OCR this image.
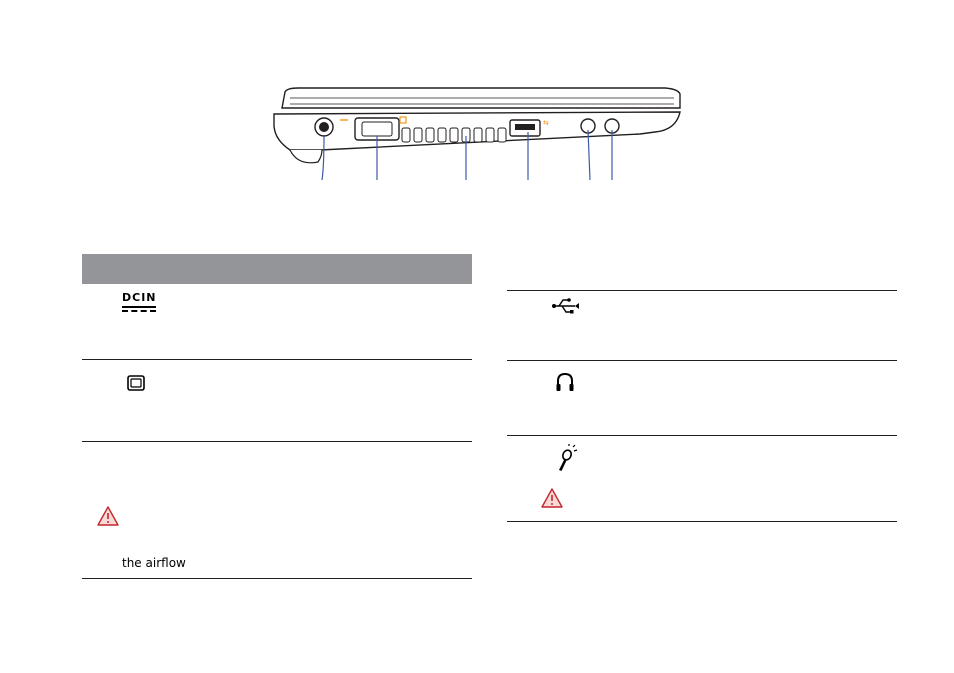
⇆
DCIN
the airflow
